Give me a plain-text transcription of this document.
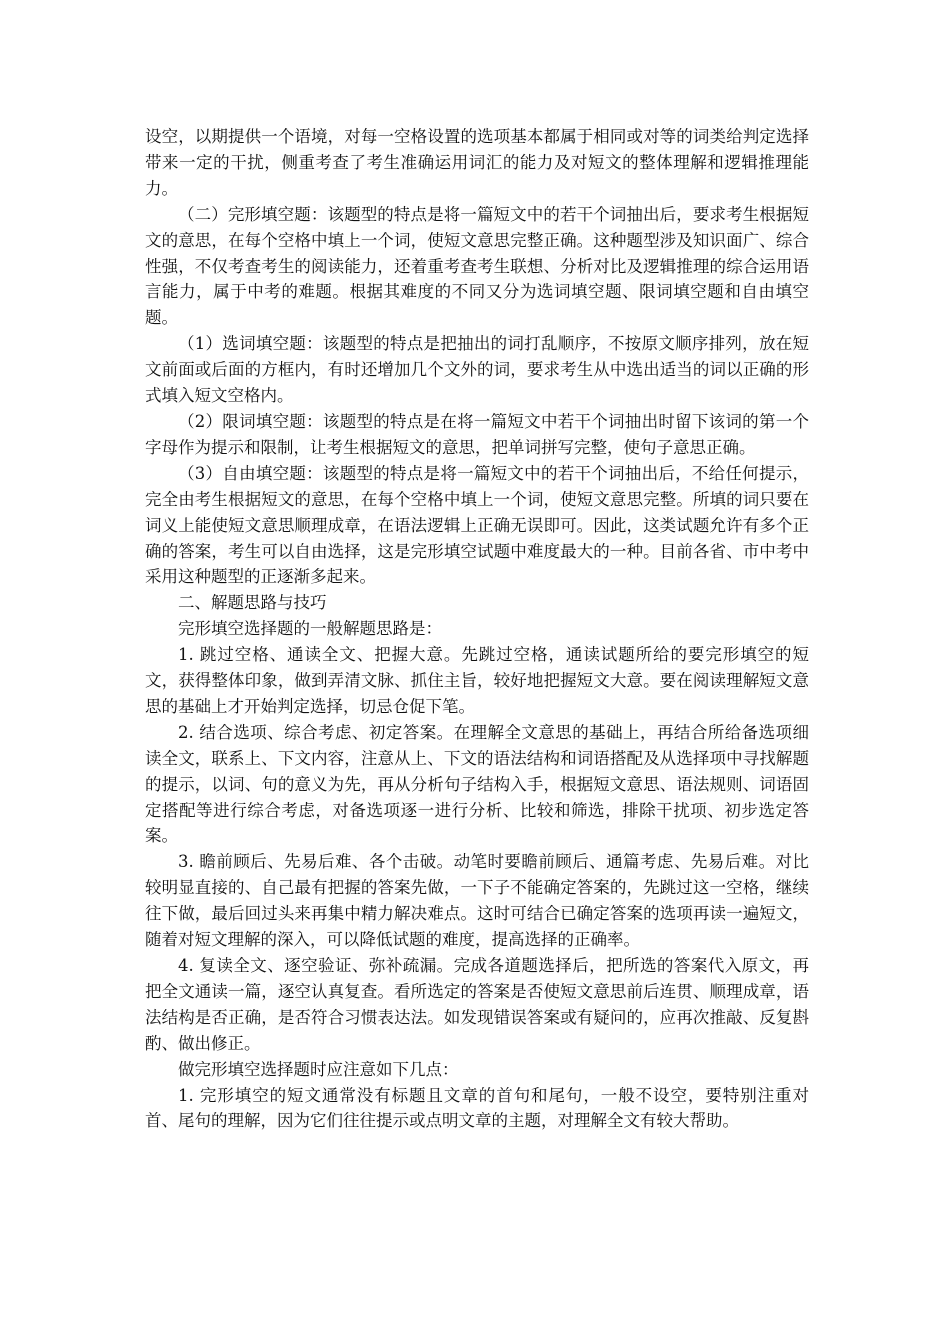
设空，以期提供一个语境，对每一空格设置的选项基本都属于相同或对等的词类给判定选择带来一定的干扰，侧重考查了考生准确运用词汇的能力及对短文的整体理解和逻辑推理能力。

（二）完形填空题：该题型的特点是将一篇短文中的若干个词抽出后，要求考生根据短文的意思，在每个空格中填上一个词，使短文意思完整正确。这种题型涉及知识面广、综合性强，不仅考查考生的阅读能力，还着重考查考生联想、分析对比及逻辑推理的综合运用语言能力，属于中考的难题。根据其难度的不同又分为选词填空题、限词填空题和自由填空题。

（1）选词填空题：该题型的特点是把抽出的词打乱顺序，不按原文顺序排列，放在短文前面或后面的方框内，有时还增加几个文外的词，要求考生从中选出适当的词以正确的形式填入短文空格内。

（2）限词填空题：该题型的特点是在将一篇短文中若干个词抽出时留下该词的第一个字母作为提示和限制，让考生根据短文的意思，把单词拼写完整，使句子意思正确。

（3）自由填空题：该题型的特点是将一篇短文中的若干个词抽出后，不给任何提示，完全由考生根据短文的意思，在每个空格中填上一个词，使短文意思完整。所填的词只要在词义上能使短文意思顺理成章，在语法逻辑上正确无误即可。因此，这类试题允许有多个正确的答案，考生可以自由选择，这是完形填空试题中难度最大的一种。目前各省、市中考中采用这种题型的正逐渐多起来。

二、解题思路与技巧

完形填空选择题的一般解题思路是：

1. 跳过空格、通读全文、把握大意。先跳过空格，通读试题所给的要完形填空的短文，获得整体印象，做到弄清文脉、抓住主旨，较好地把握短文大意。要在阅读理解短文意思的基础上才开始判定选择，切忌仓促下笔。

2. 结合选项、综合考虑、初定答案。在理解全文意思的基础上，再结合所给备选项细读全文，联系上、下文内容，注意从上、下文的语法结构和词语搭配及从选择项中寻找解题的提示，以词、句的意义为先，再从分析句子结构入手，根据短文意思、语法规则、词语固定搭配等进行综合考虑，对备选项逐一进行分析、比较和筛选，排除干扰项、初步选定答案。

3. 瞻前顾后、先易后难、各个击破。动笔时要瞻前顾后、通篇考虑、先易后难。对比较明显直接的、自己最有把握的答案先做，一下子不能确定答案的，先跳过这一空格，继续往下做，最后回过头来再集中精力解决难点。这时可结合已确定答案的选项再读一遍短文，随着对短文理解的深入，可以降低试题的难度，提高选择的正确率。

4. 复读全文、逐空验证、弥补疏漏。完成各道题选择后，把所选的答案代入原文，再把全文通读一篇，逐空认真复查。看所选定的答案是否使短文意思前后连贯、顺理成章，语法结构是否正确，是否符合习惯表达法。如发现错误答案或有疑问的，应再次推敲、反复斟酌、做出修正。

做完形填空选择题时应注意如下几点：

1. 完形填空的短文通常没有标题且文章的首句和尾句，一般不设空，要特别注重对首、尾句的理解，因为它们往往提示或点明文章的主题，对理解全文有较大帮助。
